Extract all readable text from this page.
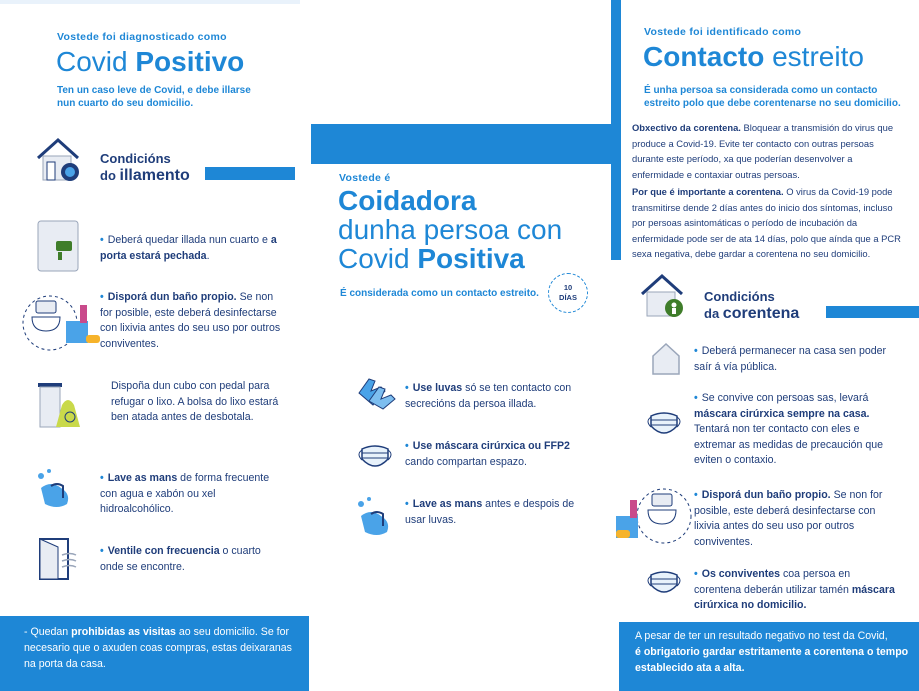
Vostede foi diagnosticado como
Covid Positivo
Ten un caso leve de Covid, e debe illarse
nun cuarto do seu domicilio.
Condicións
do illamento
• Deberá quedar illada nun cuarto e a porta estará pechada.
• Disporá dun baño propio. Se non for posible, este deberá desinfectarse con lixivia antes do seu uso por outros conviventes.
Dispoña dun cubo con pedal para refugar o lixo. A bolsa do lixo estará ben atada antes de desbotala.
• Lave as mans de forma frecuente con agua e xabón ou xel hidroalcohólico.
• Ventile con frecuencia o cuarto onde se encontre.
- Quedan prohibidas as visitas ao seu domicilio. Se for necesario que o axuden coas compras, estas deixaranas na porta da casa.
Vostede é
Coidadora
dunha persoa con
Covid Positiva
É considerada como un contacto estreito.
10
DÍAS
• Use luvas só se ten contacto con secrecións da persoa illada.
• Use máscara cirúrxica ou FFP2 cando compartan espazo.
• Lave as mans antes e despois de usar luvas.
Vostede foi identificado como
Contacto estreito
É unha persoa sa considerada como un contacto
estreito polo que debe corentenarse no seu domicilio.
Obxectivo da corentena. Bloquear a transmisión do virus que produce a Covid-19. Evite ter contacto con outras persoas durante este período, xa que poderían desenvolver a enfermidade e contaxiar outras persoas.
Por que é importante a corentena. O virus da Covid-19 pode transmitirse dende 2 días antes do inicio dos síntomas, incluso por persoas asintomáticas o período de incubación da enfermidade pode ser de ata 14 días, polo que aínda que a PCR sexa negativa, debe gardar a corentena no seu domicilio.
Condicións
da corentena
• Deberá permanecer na casa sen poder saír á vía pública.
• Se convive con persoas sas, levará máscara cirúrxica sempre na casa. Tentará non ter contacto con eles e extremar as medidas de precaución que eviten o contaxio.
• Disporá dun baño propio. Se non for posible, este deberá desinfectarse con lixivia antes do seu uso por outros conviventes.
• Os conviventes coa persoa en corentena deberán utilizar tamén máscara cirúrxica no domicilio.
A pesar de ter un resultado negativo no test da Covid,
é obrigatorio gardar estritamente a corentena o tempo establecido ata a alta.
